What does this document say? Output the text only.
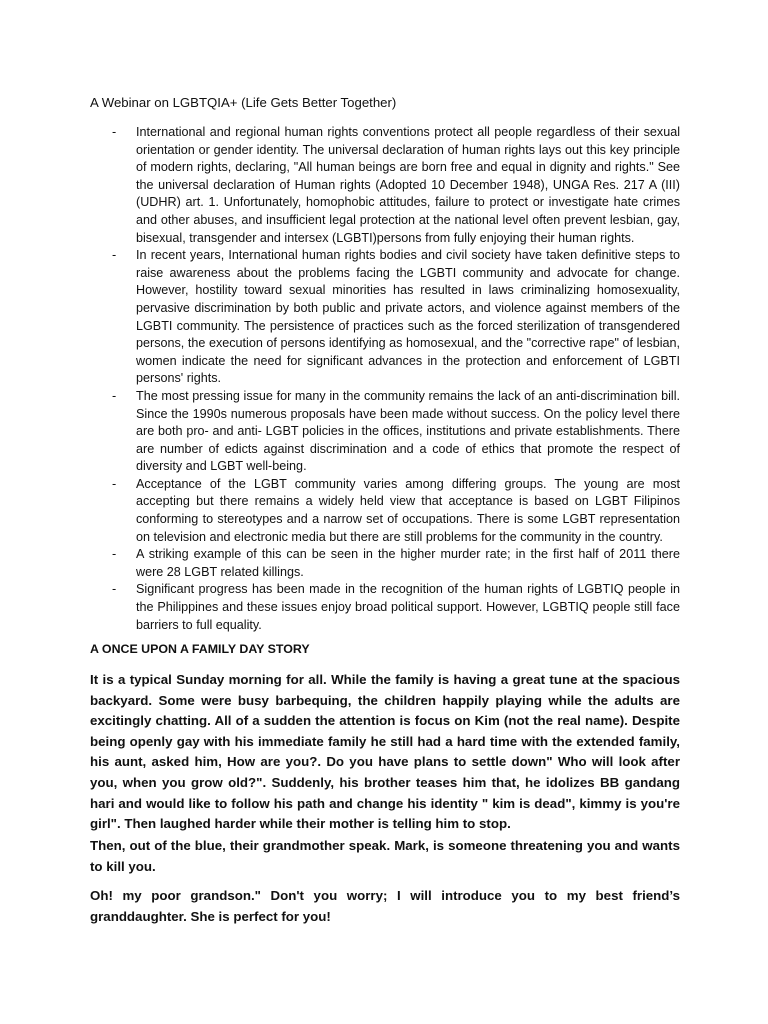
A Webinar on LGBTQIA+ (Life Gets Better Together)

- International and regional human rights conventions protect all people regardless of their sexual orientation or gender identity. The universal declaration of human rights lays out this key principle of modern rights, declaring, "All human beings are born free and equal in dignity and rights." See the universal declaration of Human rights (Adopted 10 December 1948), UNGA Res. 217 A (III) (UDHR) art. 1. Unfortunately, homophobic attitudes, failure to protect or investigate hate crimes and other abuses, and insufficient legal protection at the national level often prevent lesbian, gay, bisexual, transgender and intersex (LGBTI)persons from fully enjoying their human rights.
- In recent years, International human rights bodies and civil society have taken definitive steps to raise awareness about the problems facing the LGBTI community and advocate for change. However, hostility toward sexual minorities has resulted in laws criminalizing homosexuality, pervasive discrimination by both public and private actors, and violence against members of the LGBTI community. The persistence of practices such as the forced sterilization of transgendered persons, the execution of persons identifying as homosexual, and the "corrective rape" of lesbian, women indicate the need for significant advances in the protection and enforcement of LGBTI persons' rights.
- The most pressing issue for many in the community remains the lack of an anti-discrimination bill. Since the 1990s numerous proposals have been made without success. On the policy level there are both pro- and anti- LGBT policies in the offices, institutions and private establishments. There are number of edicts against discrimination and a code of ethics that promote the respect of diversity and LGBT well-being.
- Acceptance of the LGBT community varies among differing groups. The young are most accepting but there remains a widely held view that acceptance is based on LGBT Filipinos conforming to stereotypes and a narrow set of occupations. There is some LGBT representation on television and electronic media but there are still problems for the community in the country.
- A striking example of this can be seen in the higher murder rate; in the first half of 2011 there were 28 LGBT related killings.
- Significant progress has been made in the recognition of the human rights of LGBTIQ people in the Philippines and these issues enjoy broad political support. However, LGBTIQ people still face barriers to full equality.

A ONCE UPON A FAMILY DAY STORY

It is a typical Sunday morning for all. While the family is having a great tune at the spacious backyard. Some were busy barbequing, the children happily playing while the adults are excitingly chatting. All of a sudden the attention is focus on Kim (not the real name). Despite being openly gay with his immediate family he still had a hard time with the extended family, his aunt, asked him, How are you?. Do you have plans to settle down" Who will look after you, when you grow old?". Suddenly, his brother teases him that, he idolizes BB gandang hari and would like to follow his path and change his identity " kim is dead", kimmy is you're girl". Then laughed harder while their mother is telling him to stop.

Then, out of the blue, their grandmother speak. Mark, is someone threatening you and wants to kill you.

Oh! my poor grandson." Don't you worry; I will introduce you to my best friend’s granddaughter. She is perfect for you!
